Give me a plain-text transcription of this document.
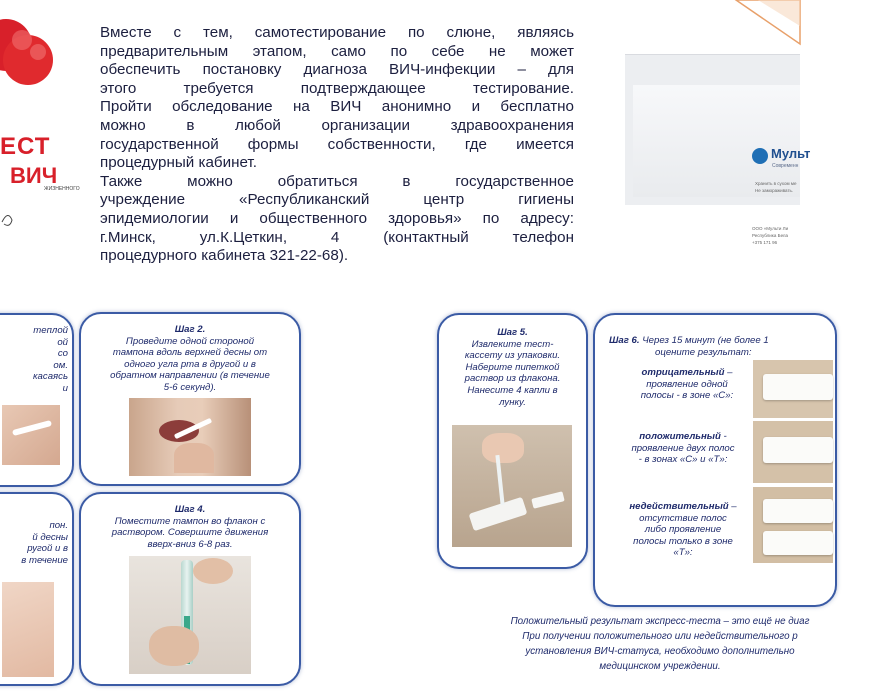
ЕСТ
ВИЧ
ЖИЗНЕННОГО
Вместе с тем, самотестирование по слюне, являясь
предварительным этапом, само по себе не может
обеспечить постановку диагноза ВИЧ-инфекции – для
этого требуется подтверждающее тестирование.
Пройти обследование на ВИЧ анонимно и бесплатно
можно в любой организации здравоохранения
государственной формы собственности, где имеется
процедурный кабинет.
Также можно обратиться в государственное
учреждение «Республиканский центр гигиены
эпидемиологии и общественного здоровья» по адресу:
г.Минск, ул.К.Цеткин, 4 (контактный телефон
процедурного кабинета 321-22-68).
Мульт
Современн
Хранить в сухом ме
Не замораживать.
ООО «Мульти Ли
Республика Бела
+375 171 96
теплой
ой
со
ом.
касаясь
и
Шаг 2.
Проведите одной стороной
тампона вдоль верхней десны от
одного угла рта в другой и в
обратном направлении (в течение
5-6 секунд).
пон.
й десны
ругой и в
в течение
Шаг 4.
Поместите тампон во флакон с
раствором. Совершите движения
вверх-вниз 6-8 раз.
Шаг 5.
Извлеките тест-
кассету из упаковки.
Наберите пипеткой
раствор из флакона.
Нанесите 4 капли в
лунку.
Шаг 6. Через 15 минут (не более 1
оцените результат:
отрицательный –
проявление одной
полосы - в зоне «С»:
положительный -
проявление двух полос
- в зонах «С» и «Т»:
недействительный –
отсутствие полос
либо проявление
полосы только в зоне
«Т»:
Положительный результат экспресс-теста – это ещё не диаг
При получении положительного или недействительного р
установления ВИЧ-статуса, необходимо дополнительно
медицинском учреждении.
